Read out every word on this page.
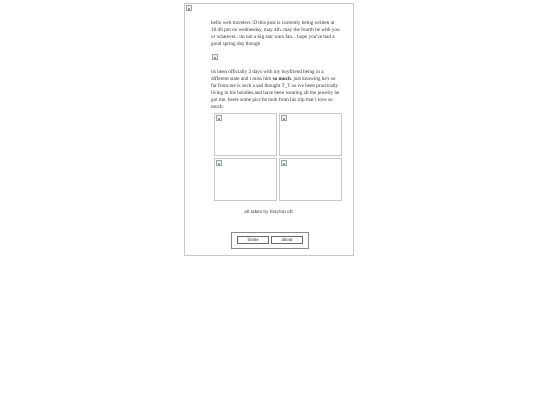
hello web travelers :D this post is currently being written at 10:46 pm on wednesday, may 4th. may the fourth be with you or whatever.. im not a big star wars fan... hope you've had a good spring day though

its been officially 2 days with my boyfriend being in a different state and i miss him so much. just knowing he's so far from me is such a sad thought T_T so ive been practically living in his hoodies and have been wearing all the jewelry he got me. heres some pics he took from his trip that i love so much:

all taken by braylon ofc
home	about
